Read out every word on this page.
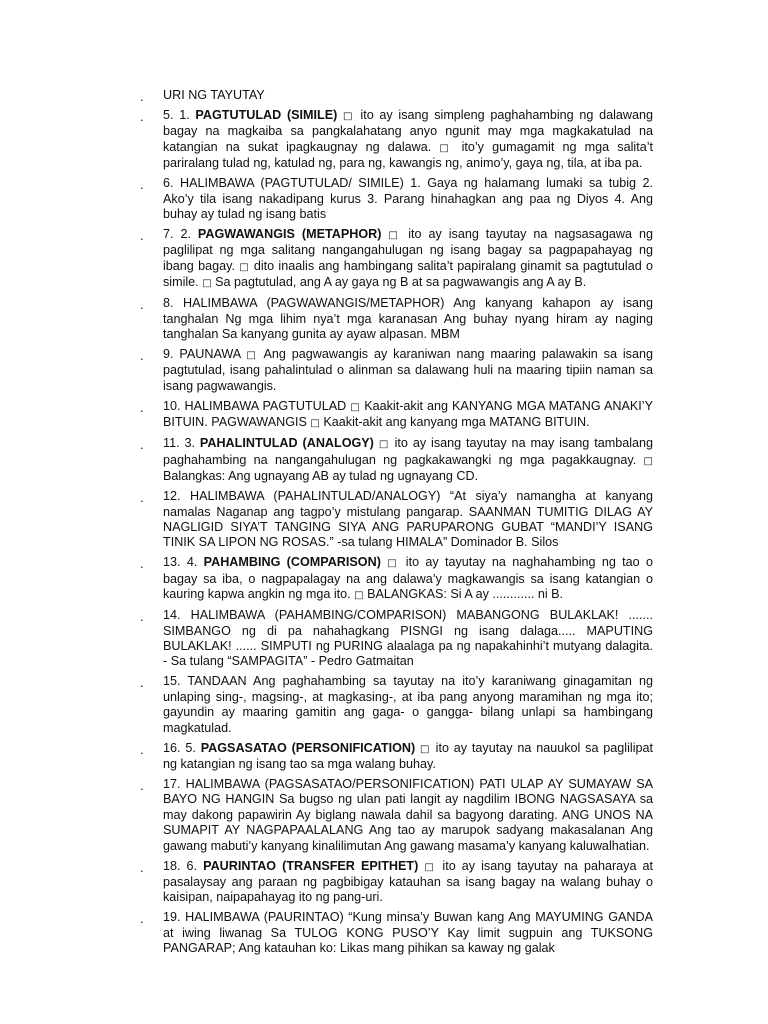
. URI NG TAYUTAY
. 5. 1. PAGTUTULAD (SIMILE) □ ito ay isang simpleng paghahambing ng dalawang bagay na magkaiba sa pangkalahatang anyo ngunit may mga magkakatulad na katangian na sukat ipagkaugnay ng dalawa. □ ito’y gumagamit ng mga salita’t pariralang tulad ng, katulad ng, para ng, kawangis ng, animo’y, gaya ng, tila, at iba pa.
. 6. HALIMBAWA (PAGTUTULAD/ SIMILE) 1. Gaya ng halamang lumaki sa tubig 2. Ako’y tila isang nakadipang kurus 3. Parang hinahagkan ang paa ng Diyos 4. Ang buhay ay tulad ng isang batis
. 7. 2. PAGWAWANGIS (METAPHOR) □ ito ay isang tayutay na nagsasagawa ng paglilipat ng mga salitang nangangahulugan ng isang bagay sa pagpapahayag ng ibang bagay. □ dito inaalis ang hambingang salita’t papiralang ginamit sa pagtutulad o simile. □ Sa pagtutulad, ang A ay gaya ng B at sa pagwawangis ang A ay B.
. 8. HALIMBAWA (PAGWAWANGIS/METAPHOR) Ang kanyang kahapon ay isang tanghalan Ng mga lihim nya’t mga karanasan Ang buhay nyang hiram ay naging tanghalan Sa kanyang gunita ay ayaw alpasan. MBM
. 9. PAUNAWA □ Ang pagwawangis ay karaniwan nang maaring palawakin sa isang pagtutulad, isang pahalintulad o alinman sa dalawang huli na maaring tipiin naman sa isang pagwawangis.
. 10. HALIMBAWA PAGTUTULAD □ Kaakit-akit ang KANYANG MGA MATANG ANAKI’Y BITUIN. PAGWAWANGIS □ Kaakit-akit ang kanyang mga MATANG BITUIN.
. 11. 3. PAHALINTULAD (ANALOGY) □ ito ay isang tayutay na may isang tambalang paghahambing na nangangahulugan ng pagkakawangki ng mga pagakkaugnay. □ Balangkas: Ang ugnayang AB ay tulad ng ugnayang CD.
. 12. HALIMBAWA (PAHALINTULAD/ANALOGY) “At siya’y namangha at kanyang namalas Naganap ang tagpo’y mistulang pangarap. SAANMAN TUMITIG DILAG AY NAGLIGID SIYA’T TANGING SIYA ANG PARUPARONG GUBAT “MANDI’Y ISANG TINIK SA LIPON NG ROSAS.” -sa tulang HIMALA” Dominador B. Silos
. 13. 4. PAHAMBING (COMPARISON) □ ito ay tayutay na naghahambing ng tao o bagay sa iba, o nagpapalagay na ang dalawa’y magkawangis sa isang katangian o kauring kapwa angkin ng mga ito. □ BALANGKAS: Si A ay ............ ni B.
. 14. HALIMBAWA (PAHAMBING/COMPARISON) MABANGONG BULAKLAK! ....... SIMBANGO ng di pa nahahagkang PISNGI ng isang dalaga..... MAPUTING BULAKLAK! ...... SIMPUTI ng PURING alaalaga pa ng napakahinhi’t mutyang dalagita. - Sa tulang “SAMPAGITA” - Pedro Gatmaitan
. 15. TANDAAN Ang paghahambing sa tayutay na ito’y karaniwang ginagamitan ng unlaping sing-, magsing-, at magkasing-, at iba pang anyong maramihan ng mga ito; gayundin ay maaring gamitin ang gaga- o gangga- bilang unlapi sa hambingang magkatulad.
. 16. 5. PAGSASATAO (PERSONIFICATION) □ ito ay tayutay na nauukol sa paglilipat ng katangian ng isang tao sa mga walang buhay.
. 17. HALIMBAWA (PAGSASATAO/PERSONIFICATION) PATI ULAP AY SUMAYAW SA BAYO NG HANGIN Sa bugso ng ulan pati langit ay nagdilim IBONG NAGSASAYA sa may dakong papawirin Ay biglang nawala dahil sa bagyong darating. ANG UNOS NA SUMAPIT AY NAGPAPAALALANG Ang tao ay marupok sadyang makasalanan Ang gawang mabuti’y kanyang kinalilimutan Ang gawang masama’y kanyang kaluwalhatian.
. 18. 6. PAURINTAO (TRANSFER EPITHET) □ ito ay isang tayutay na paharaya at pasalaysay ang paraan ng pagbibigay katauhan sa isang bagay na walang buhay o kaisipan, naipapahayag ito ng pang-uri.
. 19. HALIMBAWA (PAURINTAO) “Kung minsa’y Buwan kang Ang MAYUMING GANDA at iwing liwanag Sa TULOG KONG PUSO’Y Kay limit sugpuin ang TUKSONG PANGARAP; Ang katauhan ko: Likas mang pihikan sa kaway ng galak
